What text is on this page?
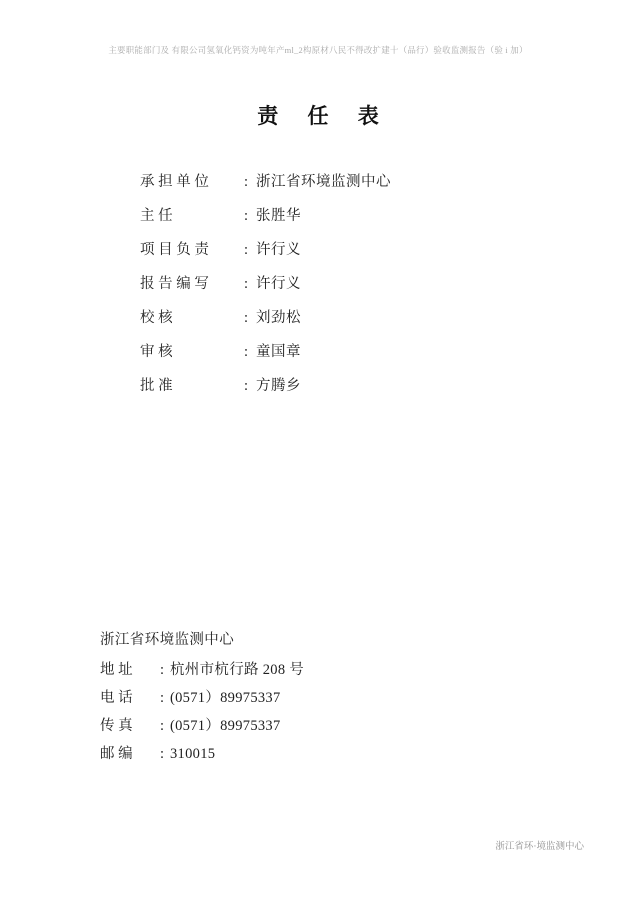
主要职能部门及 有限公司氢氧化钙资为吨年产ml_2构原材八民不得改扩建十（品行）验收监测报告（验 i 加）
责 任 表
承 担 单 位	: 浙江省环境监测中心
主 任	: 张胜华
项 目 负 责	: 许行义
报 告 编 写	: 许行义
校 核	: 刘劲松
审 核	: 童国章
批 准	: 方腾乡
浙江省环境监测中心
地 址	: 杭州市杭行路 208 号
电 话	: (0571）89975337
传 真	: (0571）89975337
邮 编	: 310015
浙江省环·境监测中心
